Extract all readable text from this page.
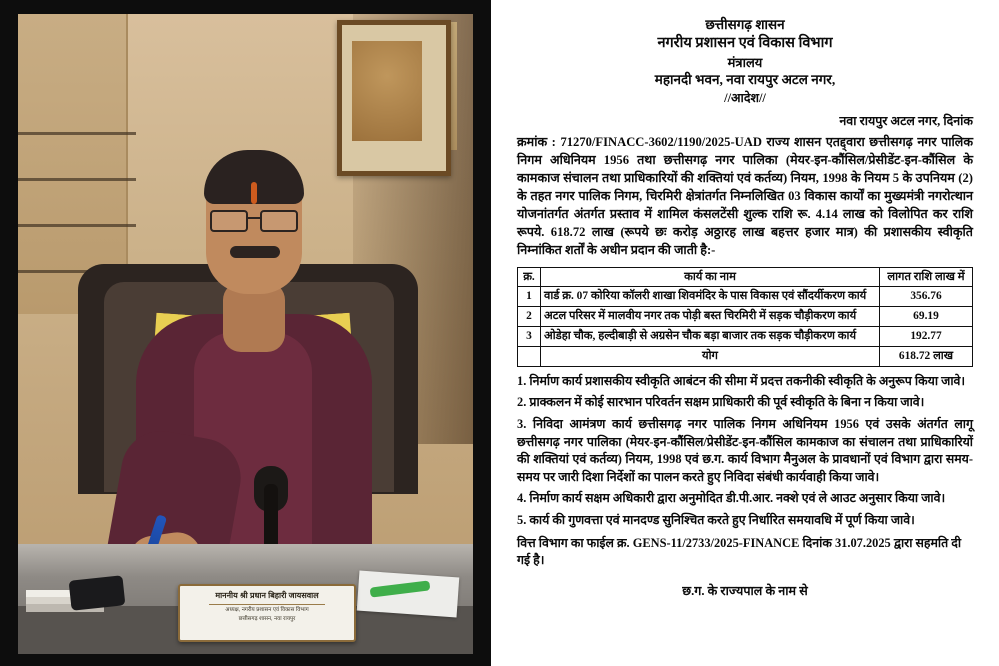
माननीय श्री प्रधान बिहारी जायसवाल
अध्यक्ष, नगरीय प्रशासन एवं विकास विभाग
छत्तीसगढ़ शासन, नवा रायपुर
छत्तीसगढ़ शासन
नगरीय प्रशासन एवं विकास विभाग
मंत्रालय
महानदी भवन, नवा रायपुर अटल नगर,
//आदेश//
नवा रायपुर अटल नगर, दिनांक
क्रमांक : 71270/FINACC-3602/1190/2025-UAD राज्य शासन एतद्द्वारा छत्तीसगढ़ नगर पालिक निगम अधिनियम 1956 तथा छत्तीसगढ़ नगर पालिका (मेयर-इन-कौंसिल/प्रेसीडेंट-इन-कौंसिल के कामकाज संचालन तथा प्राधिकारियों की शक्तियां एवं कर्तव्य) नियम, 1998 के नियम 5 के उपनियम (2) के तहत नगर पालिक निगम, चिरमिरी क्षेत्रांतर्गत निम्नलिखित 03 विकास कार्यों का मुख्यमंत्री नगरोत्थान योजनांतर्गत अंतर्गत प्रस्ताव में शामिल कंसलटेंसी शुल्क राशि रू. 4.14 लाख को विलोपित कर राशि रूपये. 618.72 लाख (रूपये छः करोड़ अठ्ठारह लाख बहत्तर हजार मात्र) की प्रशासकीय स्वीकृति निम्नांकित शर्तों के अधीन प्रदान की जाती है:-
क्र.	कार्य का नाम	लागत राशि लाख में
1	वार्ड क्र. 07 कोरिया कॉलरी शाखा शिवमंदिर के पास विकास एवं सौंदर्यीकरण कार्य	356.76
2	अटल परिसर में मालवीय नगर तक पोड़ी बस्त चिरमिरी में सड़क चौड़ीकरण कार्य	69.19
3	ओडेहा चौक, हल्दीबाड़ी से अग्रसेन चौक बड़ा बाजार तक सड़क चौड़ीकरण कार्य	192.77
	योग	618.72 लाख

1. निर्माण कार्य प्रशासकीय स्वीकृति आबंटन की सीमा में प्रदत्त तकनीकी स्वीकृति के अनुरूप किया जावे।

2. प्राक्कलन में कोई सारभान परिवर्तन सक्षम प्राधिकारी की पूर्व स्वीकृति के बिना न किया जावे।

3. निविदा आमंत्रण कार्य छत्तीसगढ़ नगर पालिक निगम अधिनियम 1956 एवं उसके अंतर्गत लागू छत्तीसगढ़ नगर पालिका (मेयर-इन-कौंसिल/प्रेसीडेंट-इन-कौंसिल कामकाज का संचालन तथा प्राधिकारियों की शक्तियां एवं कर्तव्य) नियम, 1998 एवं छ.ग. कार्य विभाग मैनुअल के प्रावधानों एवं विभाग द्वारा समय-समय पर जारी दिशा निर्देशों का पालन करते हुए निविदा संबंधी कार्यवाही किया जावे।

4. निर्माण कार्य सक्षम अधिकारी द्वारा अनुमोदित डी.पी.आर. नक्शे एवं ले आउट अनुसार किया जावे।

5. कार्य की गुणवत्ता एवं मानदण्ड सुनिश्चित करते हुए निर्धारित समयावधि में पूर्ण किया जावे।

वित्त विभाग का फाईल क्र. GENS-11/2733/2025-FINANCE दिनांक 31.07.2025 द्वारा सहमति दी गई है।
छ.ग. के राज्यपाल के नाम से
